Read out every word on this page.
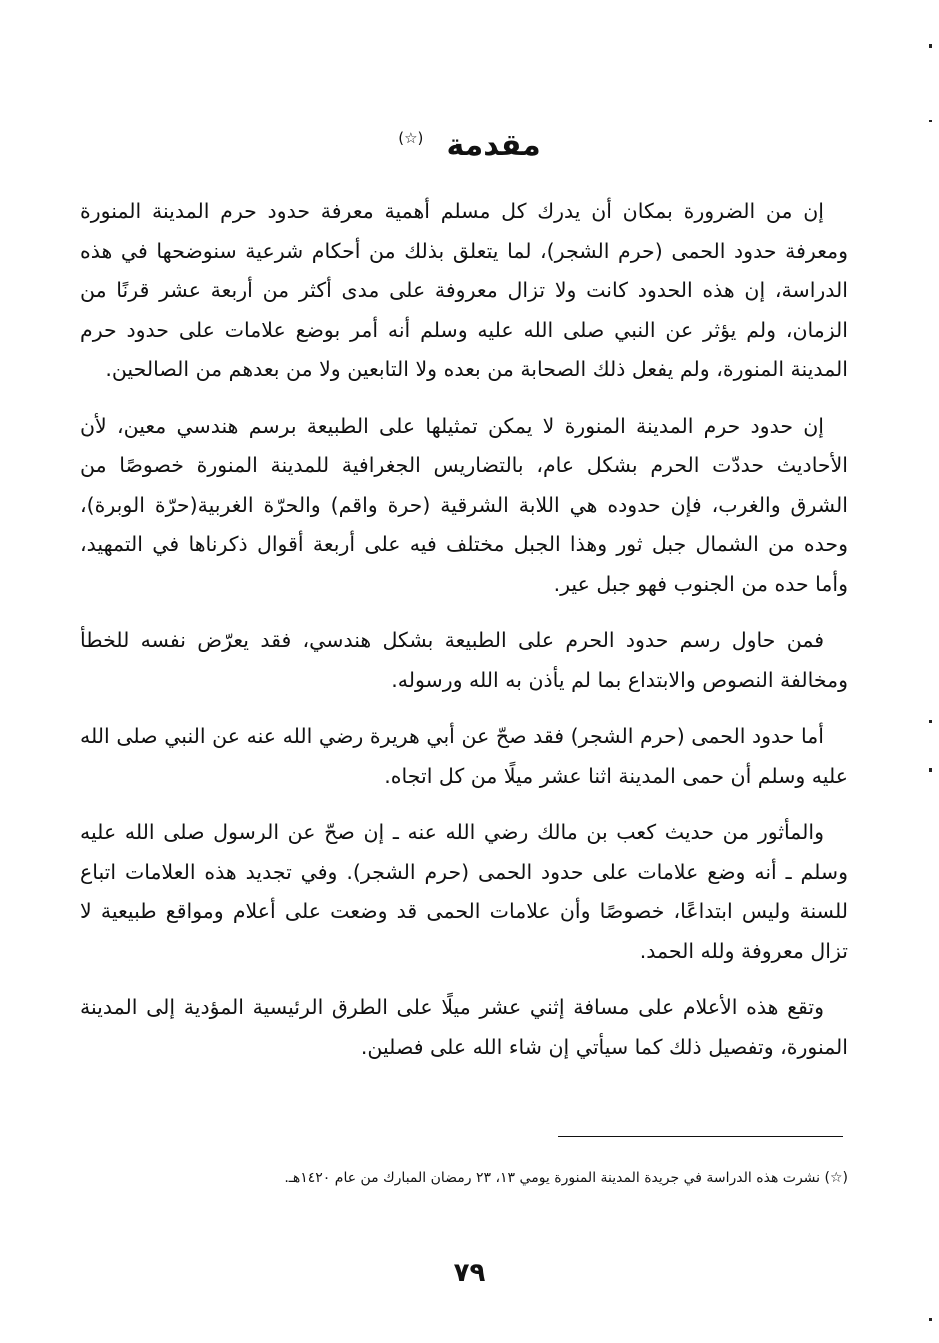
مقدمة (☆)

إن من الضرورة بمكان أن يدرك كل مسلم أهمية معرفة حدود حرم المدينة المنورة ومعرفة حدود الحمى (حرم الشجر)، لما يتعلق بذلك من أحكام شرعية سنوضحها في هذه الدراسة، إن هذه الحدود كانت ولا تزال معروفة على مدى أكثر من أربعة عشر قرنًا من الزمان، ولم يؤثر عن النبي صلى الله عليه وسلم أنه أمر بوضع علامات على حدود حرم المدينة المنورة، ولم يفعل ذلك الصحابة من بعده ولا التابعين ولا من بعدهم من الصالحين.

إن حدود حرم المدينة المنورة لا يمكن تمثيلها على الطبيعة برسم هندسي معين، لأن الأحاديث حددّت الحرم بشكل عام، بالتضاريس الجغرافية للمدينة المنورة خصوصًا من الشرق والغرب، فإن حدوده هي اللابة الشرقية (حرة واقم) والحرّة الغربية(حرّة الوبرة)، وحده من الشمال جبل ثور وهذا الجبل مختلف فيه على أربعة أقوال ذكرناها في التمهيد، وأما حده من الجنوب فهو جبل عير.

فمن حاول رسم حدود الحرم على الطبيعة بشكل هندسي، فقد يعرّض نفسه للخطأ ومخالفة النصوص والابتداع بما لم يأذن به الله ورسوله.

أما حدود الحمى (حرم الشجر) فقد صحّ عن أبي هريرة رضي الله عنه عن النبي صلى الله عليه وسلم أن حمى المدينة اثنا عشر ميلًا من كل اتجاه.

والمأثور من حديث كعب بن مالك رضي الله عنه ـ إن صحّ عن الرسول صلى الله عليه وسلم ـ أنه وضع علامات على حدود الحمى (حرم الشجر). وفي تجديد هذه العلامات اتباع للسنة وليس ابتداعًا، خصوصًا وأن علامات الحمى قد وضعت على أعلام ومواقع طبيعية لا تزال معروفة ولله الحمد.

وتقع هذه الأعلام على مسافة إثني عشر ميلًا على الطرق الرئيسية المؤدية إلى المدينة المنورة، وتفصيل ذلك كما سيأتي إن شاء الله على فصلين.

(☆) نشرت هذه الدراسة في جريدة المدينة المنورة يومي ١٣، ٢٣ رمضان المبارك من عام ١٤٢٠هـ.
٧٩
